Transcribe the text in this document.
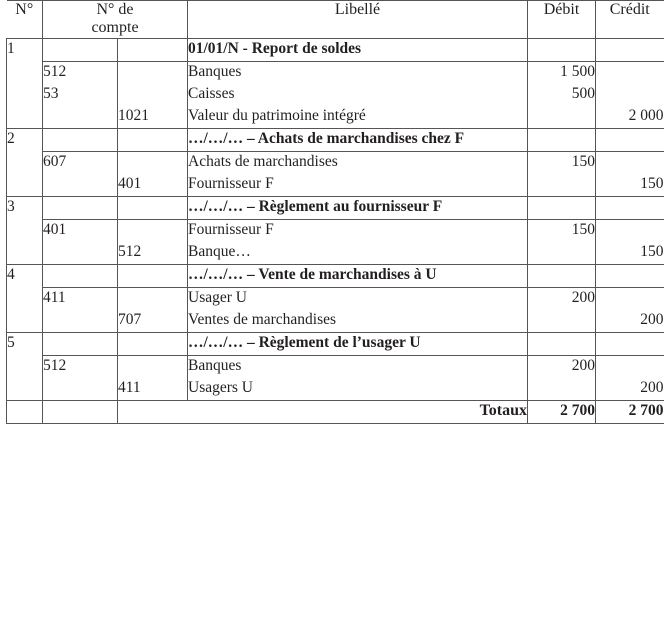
N°	N° de
compte		Libellé	Débit	Crédit
1			01/01/N - Report de soldes		
	512		Banques	1 500	
	53		Caisses	500	
		1021	Valeur du patrimoine intégré		2 000
2			…/…/… – Achats de marchandises chez F		
	607		Achats de marchandises	150	
		401	Fournisseur F		150
3			…/…/… – Règlement au fournisseur F		
	401		Fournisseur F	150	
		512	Banque…		150
4			…/…/… – Vente de marchandises à U		
	411		Usager U	200	
		707	Ventes de marchandises		200
5			…/…/… – Règlement de l’usager U		
	512		Banques	200	
		411	Usagers U		200
		Totaux		2 700	2 700
